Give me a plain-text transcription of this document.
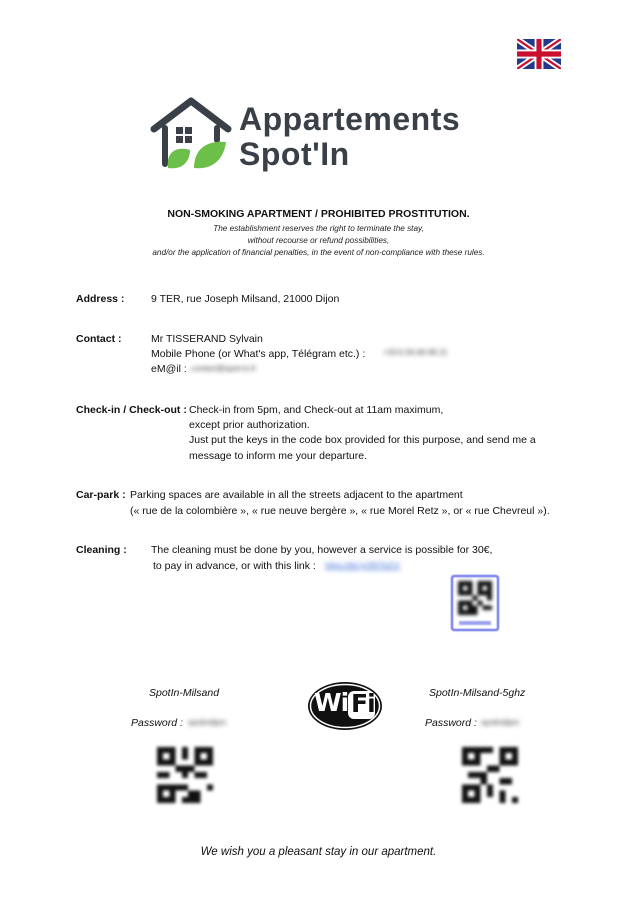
Appartements
Spot'In
NON-SMOKING APARTMENT / PROHIBITED PROSTITUTION.
The establishment reserves the right to terminate the stay,
without recourse or refund possibilities,
and/or the application of financial penalties, in the event of non-compliance with these rules.
Address :	9 TER, rue Joseph Milsand, 21000 Dijon
Contact :	Mr TISSERAND Sylvain
Mobile Phone (or What's app, Télégram etc.) : +33.6.56.66.68.21
eM@il : contact@spot-in.fr
Check-in / Check-out : Check-in from 5pm, and Check-out at 11am maximum,
except prior authorization.
Just put the keys in the code box provided for this purpose, and send me a
message to inform me your departure.
Car-park : Parking spaces are available in all the streets adjacent to the apartment
(« rue de la colombière », « rue neuve bergère », « rue Morel Retz », or « rue Chevreul »).
Cleaning : The cleaning must be done by you, however a service is possible for 30€,
to pay in advance, or with this link : https://bit.ly/3NTbZrV
SpotIn-Milsand	SpotIn-Milsand-5ghz
Wi Fi
Password : spotindijon	Password : spotindijon
We wish you a pleasant stay in our apartment.
